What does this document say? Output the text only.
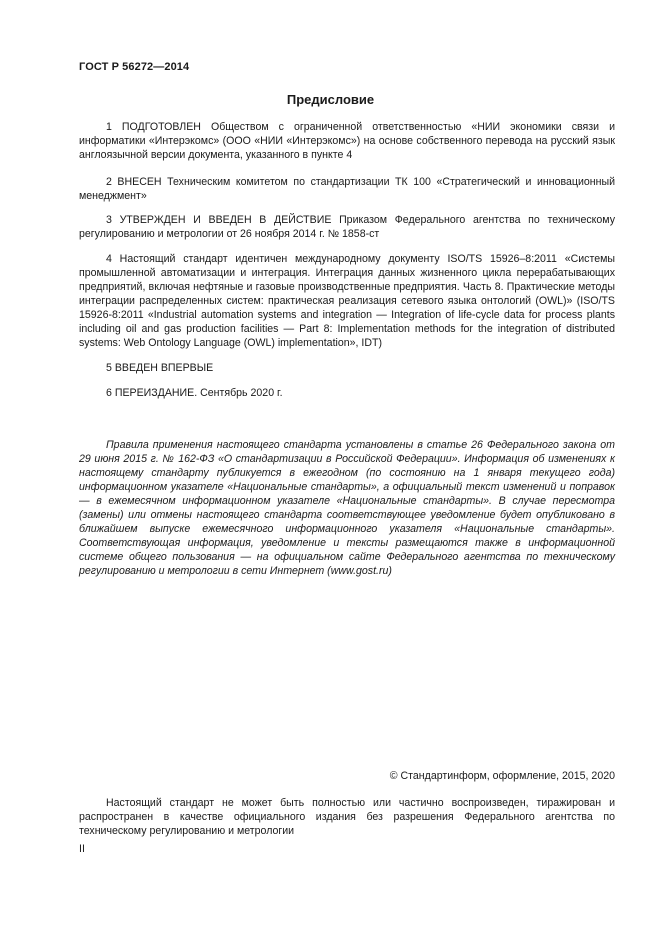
ГОСТ Р 56272—2014
Предисловие

1 ПОДГОТОВЛЕН Обществом с ограниченной ответственностью «НИИ экономики связи и информатики «Интерэкомс» (ООО «НИИ «Интерэкомс») на основе собственного перевода на русский язык англоязычной версии документа, указанного в пункте 4

2 ВНЕСЕН Техническим комитетом по стандартизации ТК 100 «Стратегический и инновационный менеджмент»

3 УТВЕРЖДЕН И ВВЕДЕН В ДЕЙСТВИЕ Приказом Федерального агентства по техническому регулированию и метрологии от 26 ноября 2014 г. № 1858-ст

4 Настоящий стандарт идентичен международному документу ISO/TS 15926–8:2011 «Системы промышленной автоматизации и интеграция. Интеграция данных жизненного цикла перерабатывающих предприятий, включая нефтяные и газовые производственные предприятия. Часть 8. Практические методы интеграции распределенных систем: практическая реализация сетевого языка онтологий (OWL)» (ISO/TS 15926-8:2011 «Industrial automation systems and integration — Integration of life-cycle data for process plants including oil and gas production facilities — Part 8: Implementation methods for the integration of distributed systems: Web Ontology Language (OWL) implementation», IDT)

5 ВВЕДЕН ВПЕРВЫЕ

6 ПЕРЕИЗДАНИЕ. Сентябрь 2020 г.

Правила применения настоящего стандарта установлены в статье 26 Федерального закона от 29 июня 2015 г. № 162-ФЗ «О стандартизации в Российской Федерации». Информация об изменениях к настоящему стандарту публикуется в ежегодном (по состоянию на 1 января текущего года) информационном указателе «Национальные стандарты», а официальный текст изменений и поправок — в ежемесячном информационном указателе «Национальные стандарты». В случае пересмотра (замены) или отмены настоящего стандарта соответствующее уведомление будет опубликовано в ближайшем выпуске ежемесячного информационного указателя «Национальные стандарты». Соответствующая информация, уведомление и тексты размещаются также в информационной системе общего пользования — на официальном сайте Федерального агентства по техническому регулированию и метрологии в сети Интернет (www.gost.ru)

© Стандартинформ, оформление, 2015, 2020

Настоящий стандарт не может быть полностью или частично воспроизведен, тиражирован и распространен в качестве официального издания без разрешения Федерального агентства по техническому регулированию и метрологии

II
